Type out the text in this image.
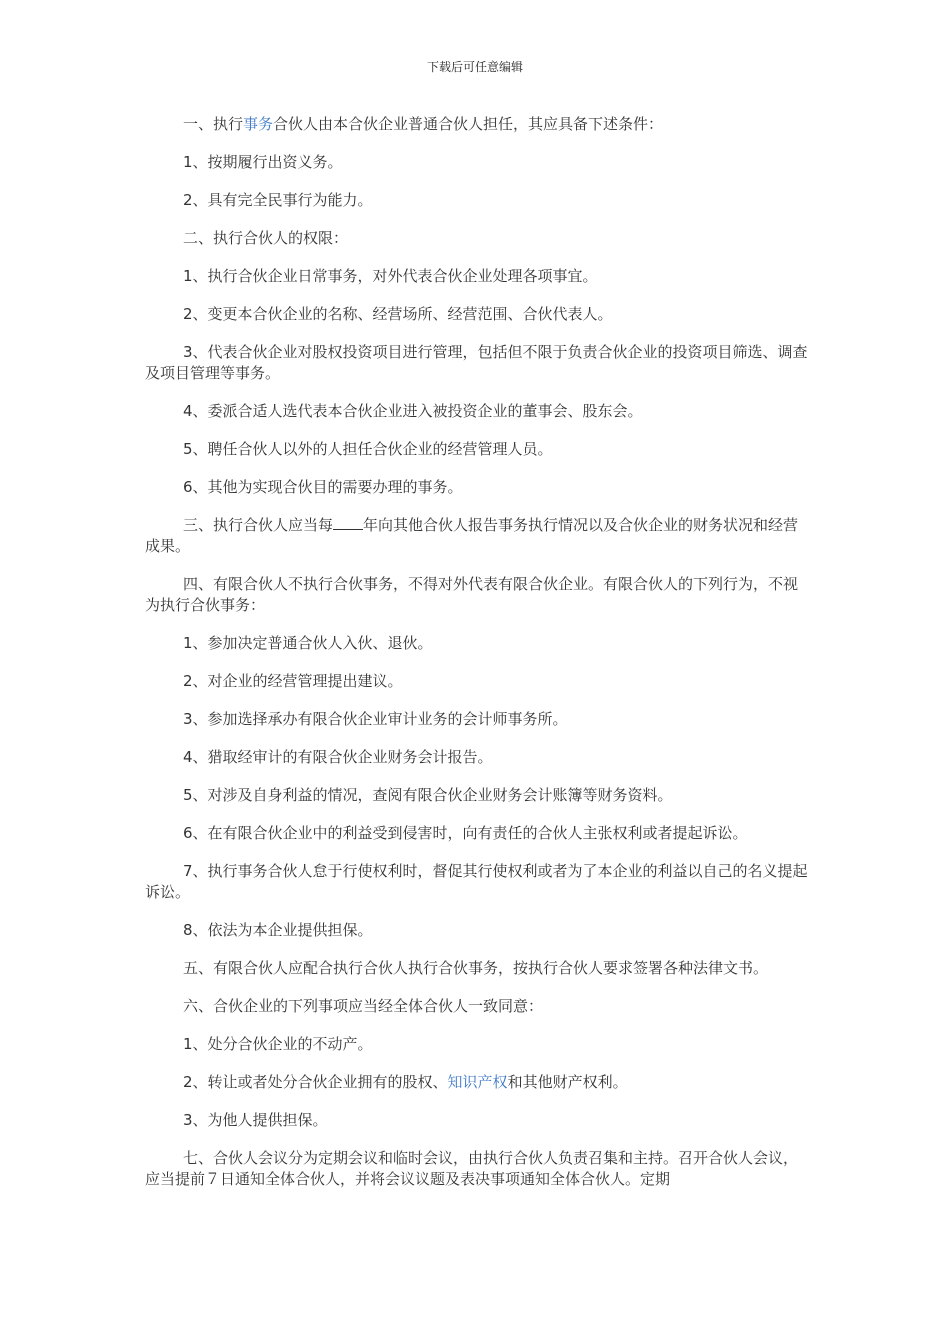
下载后可任意编辑

一、执行事务合伙人由本合伙企业普通合伙人担任，其应具备下述条件：

1、按期履行出资义务。

2、具有完全民事行为能力。

二、执行合伙人的权限：

1、执行合伙企业日常事务，对外代表合伙企业处理各项事宜。

2、变更本合伙企业的名称、经营场所、经营范围、合伙代表人。

3、代表合伙企业对股权投资项目进行管理，包括但不限于负责合伙企业的投资项目筛选、调查及项目管理等事务。

4、委派合适人选代表本合伙企业进入被投资企业的董事会、股东会。

5、聘任合伙人以外的人担任合伙企业的经营管理人员。

6、其他为实现合伙目的需要办理的事务。

三、执行合伙人应当每 年向其他合伙人报告事务执行情况以及合伙企业的财务状况和经营成果。

四、有限合伙人不执行合伙事务，不得对外代表有限合伙企业。有限合伙人的下列行为，不视为执行合伙事务：

1、参加决定普通合伙人入伙、退伙。

2、对企业的经营管理提出建议。

3、参加选择承办有限合伙企业审计业务的会计师事务所。

4、猎取经审计的有限合伙企业财务会计报告。

5、对涉及自身利益的情况，查阅有限合伙企业财务会计账簿等财务资料。

6、在有限合伙企业中的利益受到侵害时，向有责任的合伙人主张权利或者提起诉讼。

7、执行事务合伙人怠于行使权利时，督促其行使权利或者为了本企业的利益以自己的名义提起诉讼。

8、依法为本企业提供担保。

五、有限合伙人应配合执行合伙人执行合伙事务，按执行合伙人要求签署各种法律文书。

六、合伙企业的下列事项应当经全体合伙人一致同意：

1、处分合伙企业的不动产。

2、转让或者处分合伙企业拥有的股权、知识产权和其他财产权利。

3、为他人提供担保。

七、合伙人会议分为定期会议和临时会议，由执行合伙人负责召集和主持。召开合伙人会议，应当提前７日通知全体合伙人，并将会议议题及表决事项通知全体合伙人。定期
